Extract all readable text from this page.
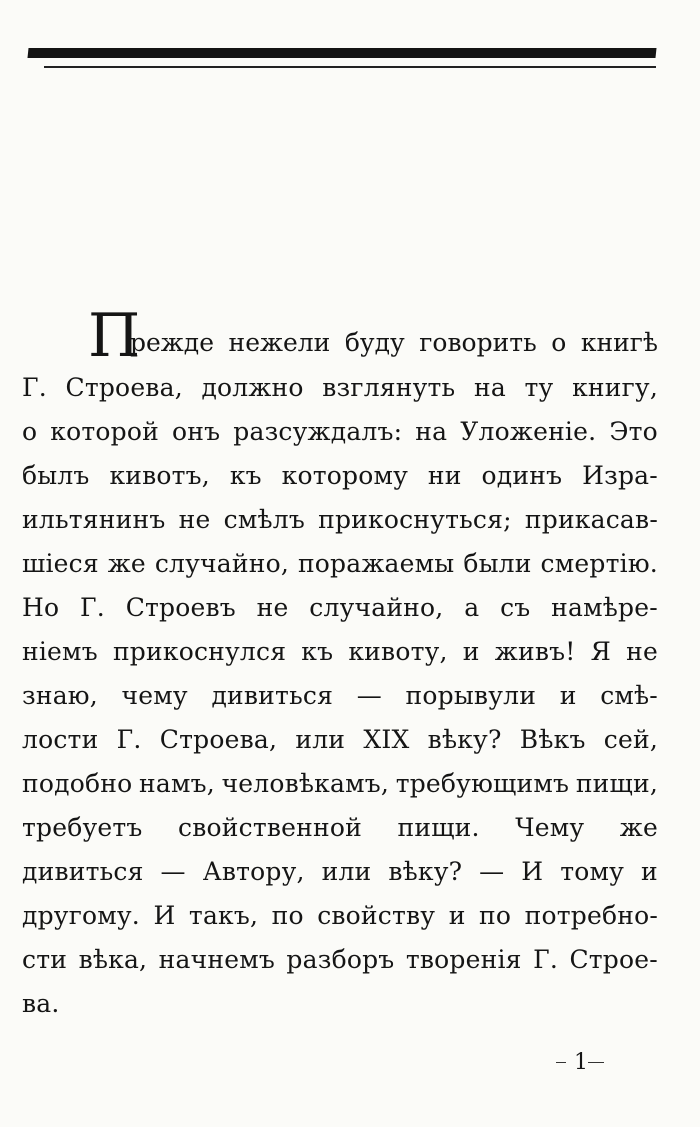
П
режде нежели буду говорить о книгѣ
Г. Строева, должно взглянуть на ту книгу,
о которой онъ разсуждалъ: на Уложеніе. Это
былъ кивотъ, къ которому ни одинъ Изра-
ильтянинъ не смѣлъ прикоснуться; прикасав-
шіеся же случайно, поражаемы были смертію.
Но Г. Строевъ не случайно, а съ намѣре-
ніемъ прикоснулся къ кивоту, и живъ! Я не
знаю, чему дивиться — порывули и смѣ-
лости Г. Строева, или XIX вѣку? Вѣкъ сей,
подобно намъ, человѣкамъ, требующимъ пищи,
требуетъ свойственной пищи. Чему же
дивиться — Автору, или вѣку? — И тому и
другому. И такъ, по свойству и по потребно-
сти вѣка, начнемъ разборъ творенія Г. Строе-
ва.
1
